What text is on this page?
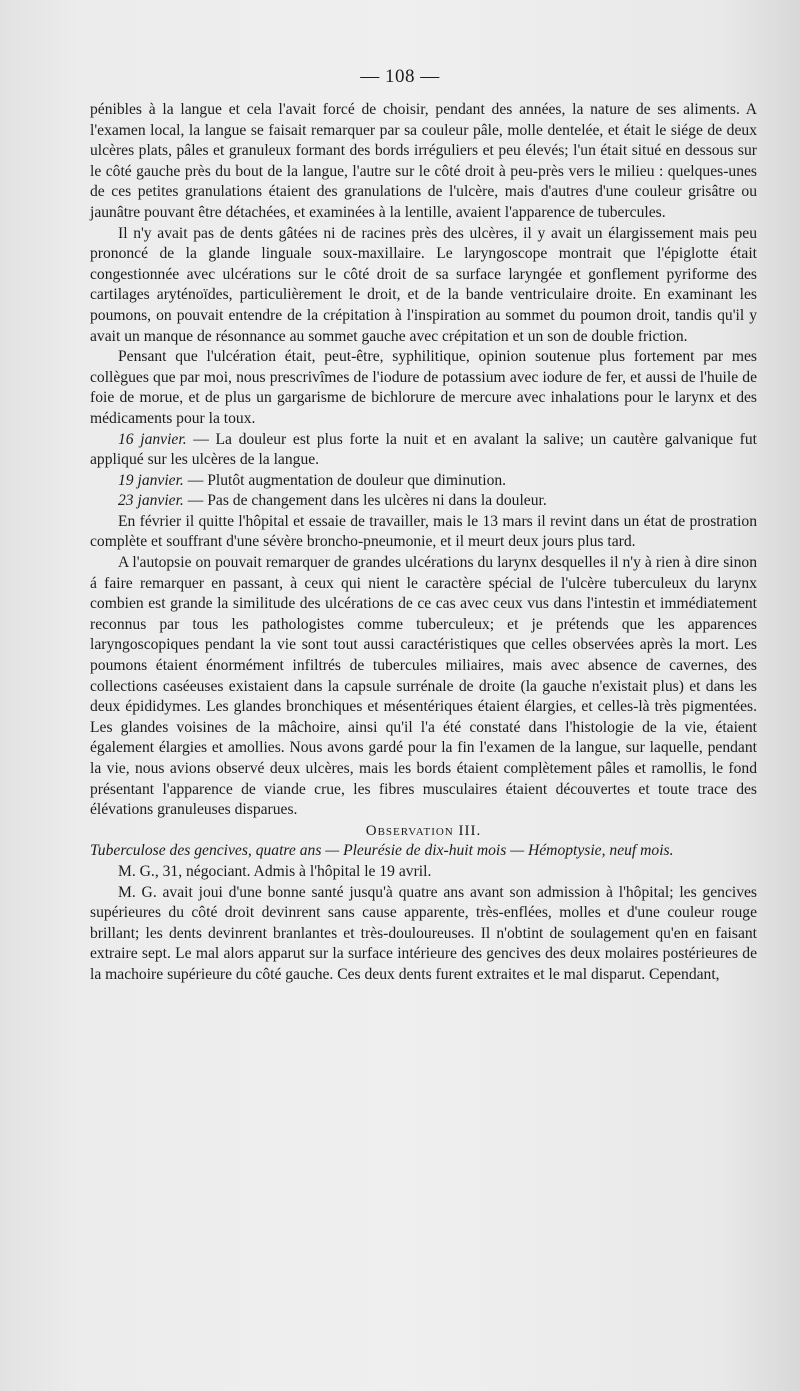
— 108 —

pénibles à la langue et cela l'avait forcé de choisir, pendant des années, la nature de ses aliments. A l'examen local, la langue se faisait remarquer par sa couleur pâle, molle dentelée, et était le siége de deux ulcères plats, pâles et granuleux formant des bords irréguliers et peu élevés; l'un était situé en dessous sur le côté gauche près du bout de la langue, l'autre sur le côté droit à peu-près vers le milieu : quelques-unes de ces petites granulations étaient des granulations de l'ulcère, mais d'autres d'une couleur grisâtre ou jaunâtre pouvant être détachées, et examinées à la lentille, avaient l'apparence de tubercules.

Il n'y avait pas de dents gâtées ni de racines près des ulcères, il y avait un élargissement mais peu prononcé de la glande linguale soux-maxillaire. Le laryngoscope montrait que l'épiglotte était congestionnée avec ulcérations sur le côté droit de sa surface laryngée et gonflement pyriforme des cartilages aryténoïdes, particulièrement le droit, et de la bande ventriculaire droite. En examinant les poumons, on pouvait entendre de la crépitation à l'inspiration au sommet du poumon droit, tandis qu'il y avait un manque de résonnance au sommet gauche avec crépitation et un son de double friction.

Pensant que l'ulcération était, peut-être, syphilitique, opinion soutenue plus fortement par mes collègues que par moi, nous prescrivîmes de l'iodure de potassium avec iodure de fer, et aussi de l'huile de foie de morue, et de plus un gargarisme de bichlorure de mercure avec inhalations pour le larynx et des médicaments pour la toux.

16 janvier. — La douleur est plus forte la nuit et en avalant la salive; un cautère galvanique fut appliqué sur les ulcères de la langue.

19 janvier. — Plutôt augmentation de douleur que diminution.

23 janvier. — Pas de changement dans les ulcères ni dans la douleur.

En février il quitte l'hôpital et essaie de travailler, mais le 13 mars il revint dans un état de prostration complète et souffrant d'une sévère broncho-pneumonie, et il meurt deux jours plus tard.

A l'autopsie on pouvait remarquer de grandes ulcérations du larynx desquelles il n'y à rien à dire sinon á faire remarquer en passant, à ceux qui nient le caractère spécial de l'ulcère tuberculeux du larynx combien est grande la similitude des ulcérations de ce cas avec ceux vus dans l'intestin et immédiatement reconnus par tous les pathologistes comme tuberculeux; et je prétends que les apparences laryngoscopiques pendant la vie sont tout aussi caractéristiques que celles observées après la mort. Les poumons étaient énormément infiltrés de tubercules miliaires, mais avec absence de cavernes, des collections caséeuses existaient dans la capsule surrénale de droite (la gauche n'existait plus) et dans les deux épididymes. Les glandes bronchiques et mésentériques étaient élargies, et celles-là très pigmentées. Les glandes voisines de la mâchoire, ainsi qu'il l'a été constaté dans l'histologie de la vie, étaient également élargies et amollies. Nous avons gardé pour la fin l'examen de la langue, sur laquelle, pendant la vie, nous avions observé deux ulcères, mais les bords étaient complètement pâles et ramollis, le fond présentant l'apparence de viande crue, les fibres musculaires étaient découvertes et toute trace des élévations granuleuses disparues.

Observation III.

Tuberculose des gencives, quatre ans — Pleurésie de dix-huit mois — Hémoptysie, neuf mois.

M. G., 31, négociant. Admis à l'hôpital le 19 avril.

M. G. avait joui d'une bonne santé jusqu'à quatre ans avant son admission à l'hôpital; les gencives supérieures du côté droit devinrent sans cause apparente, très-enflées, molles et d'une couleur rouge brillant; les dents devinrent branlantes et très-douloureuses. Il n'obtint de soulagement qu'en en faisant extraire sept. Le mal alors apparut sur la surface intérieure des gencives des deux molaires postérieures de la machoire supérieure du côté gauche. Ces deux dents furent extraites et le mal disparut. Cependant,
